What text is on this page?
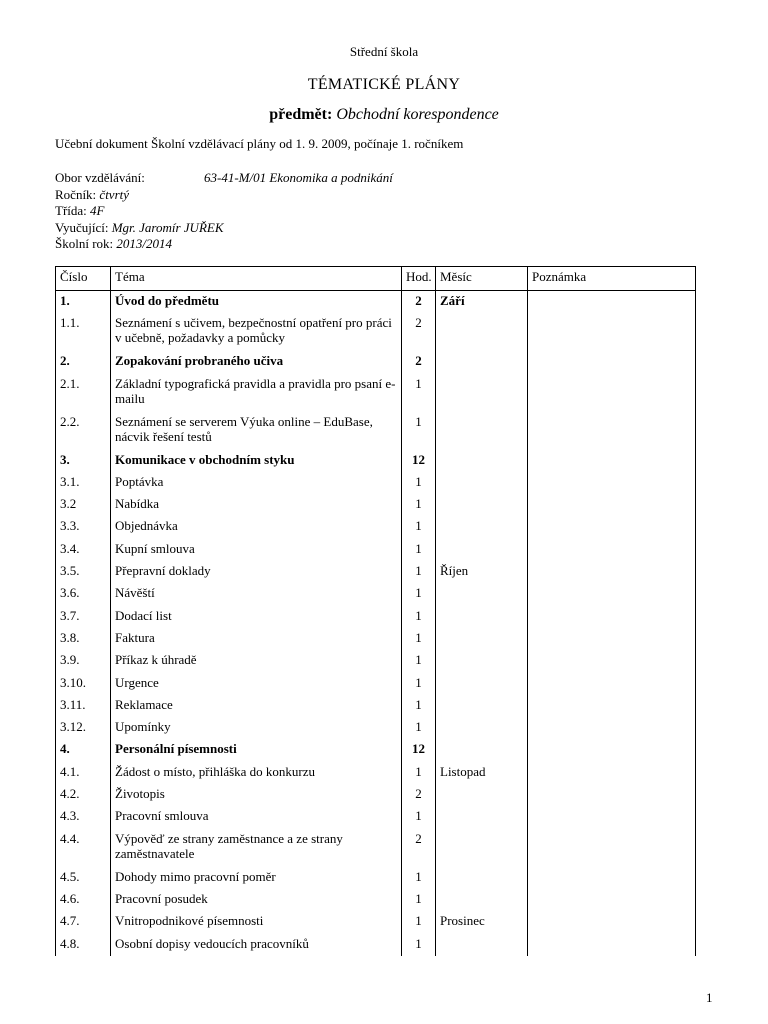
Střední škola
TÉMATICKÉ PLÁNY
předmět: Obchodní korespondence
Učební dokument Školní vzdělávací plány od 1. 9. 2009, počínaje 1. ročníkem
Obor vzdělávání:	63-41-M/01 Ekonomika a podnikání
Ročník: čtvrtý
Třída: 4F
Vyučující: Mgr. Jaromír JUŘEK
Školní rok: 2013/2014
Číslo	Téma	Hod.	Měsíc	Poznámka
1.	Úvod do předmětu	2	Září	
1.1.	Seznámení s učivem, bezpečnostní opatření pro práci v učebně, požadavky a pomůcky	2		
2.	Zopakování probraného učiva	2		
2.1.	Základní typografická pravidla a pravidla pro psaní e-mailu	1		
2.2.	Seznámení se serverem Výuka online – EduBase, nácvik řešení testů	1		
3.	Komunikace v obchodním styku	12		
3.1.	Poptávka	1		
3.2	Nabídka	1		
3.3.	Objednávka	1		
3.4.	Kupní smlouva	1		
3.5.	Přepravní doklady	1	Říjen	
3.6.	Návěští	1		
3.7.	Dodací list	1		
3.8.	Faktura	1		
3.9.	Příkaz k úhradě	1		
3.10.	Urgence	1		
3.11.	Reklamace	1		
3.12.	Upomínky	1		
4.	Personální písemnosti	12		
4.1.	Žádost o místo, přihláška do konkurzu	1	Listopad	
4.2.	Životopis	2		
4.3.	Pracovní smlouva	1		
4.4.	Výpověď ze strany zaměstnance a ze strany zaměstnavatele	2		
4.5.	Dohody mimo pracovní poměr	1		
4.6.	Pracovní posudek	1		
4.7.	Vnitropodnikové písemnosti	1	Prosinec	
4.8.	Osobní dopisy vedoucích pracovníků	1		
1
